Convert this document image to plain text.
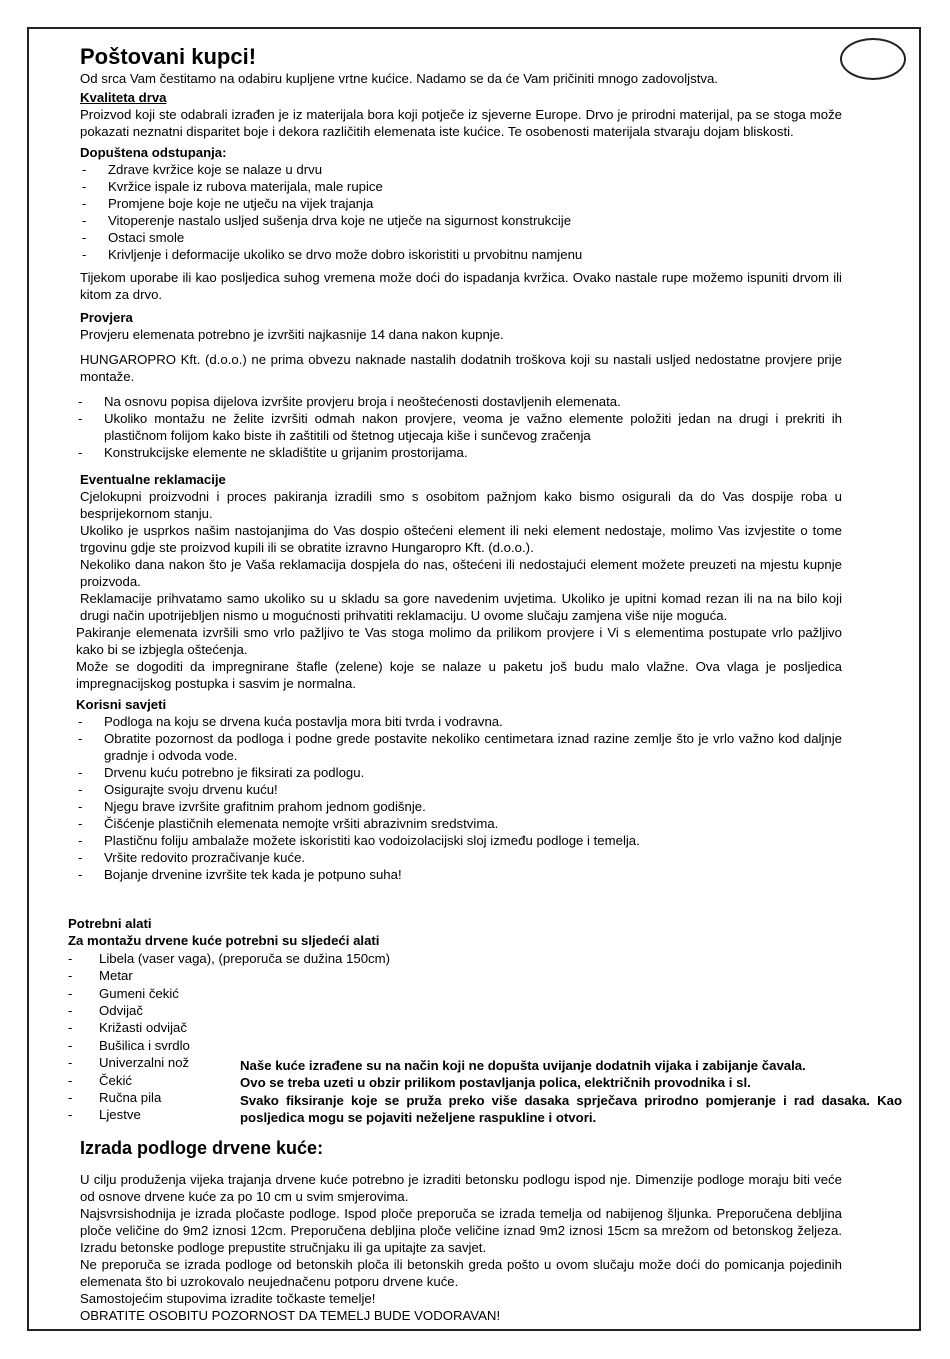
Poštovani kupci!

Od srca Vam čestitamo na odabiru kupljene vrtne kućice. Nadamo se da će Vam pričiniti mnogo zadovoljstva.

Kvaliteta drva

Proizvod koji ste odabrali izrađen je iz materijala bora koji potječe iz sjeverne Europe. Drvo je prirodni materijal, pa se stoga može pokazati neznatni disparitet boje i dekora različitih elemenata iste kućice. Te osobenosti materijala stvaraju dojam bliskosti.

Dopuštena odstupanja:

- Zdrave kvržice koje se nalaze u drvu
- Kvržice ispale iz rubova materijala, male rupice
- Promjene boje koje ne utječu na vijek trajanja
- Vitoperenje nastalo usljed sušenja drva koje ne utječe na sigurnost konstrukcije
- Ostaci smole
- Krivljenje i deformacije ukoliko se drvo može dobro iskoristiti u prvobitnu namjenu

Tijekom uporabe ili kao posljedica suhog vremena može doći do ispadanja kvržica. Ovako nastale rupe možemo ispuniti drvom ili kitom za drvo.

Provjera

Provjeru elemenata potrebno je izvršiti najkasnije 14 dana nakon kupnje.

HUNGAROPRO Kft. (d.o.o.) ne prima obvezu naknade nastalih dodatnih troškova koji su nastali usljed nedostatne provjere prije montaže.

- Na osnovu popisa dijelova izvršite provjeru broja i neoštećenosti dostavljenih elemenata.
- Ukoliko montažu ne želite izvršiti odmah nakon provjere, veoma je važno elemente položiti jedan na drugi i prekriti ih plastičnom folijom kako biste ih zaštitili od štetnog utjecaja kiše i sunčevog zračenja
- Konstrukcijske elemente ne skladištite u grijanim prostorijama.

Eventualne reklamacije

Cjelokupni proizvodni i proces pakiranja izradili smo s osobitom pažnjom kako bismo osigurali da do Vas dospije roba u besprijekornom stanju.

Ukoliko je usprkos našim nastojanjima do Vas dospio oštećeni element ili neki element nedostaje, molimo Vas izvjestite o tome trgovinu gdje ste proizvod kupili ili se obratite izravno Hungaropro Kft. (d.o.o.).

Nekoliko dana nakon što je Vaša reklamacija dospjela do nas, oštećeni ili nedostajući element možete preuzeti na mjestu kupnje proizvoda.

Reklamacije prihvatamo samo ukoliko su u skladu sa gore navedenim uvjetima. Ukoliko je upitni komad rezan ili na na bilo koji drugi način upotrijebljen nismo u mogućnosti prihvatiti reklamaciju. U ovome slučaju zamjena više nije moguća.

Pakiranje elemenata izvršili smo vrlo pažljivo te Vas stoga molimo da prilikom provjere i Vi s elementima postupate vrlo pažljivo kako bi se izbjegla oštećenja.

Može se dogoditi da impregnirane štafle (zelene) koje se nalaze u paketu još budu malo vlažne. Ova vlaga je posljedica impregnacijskog postupka i sasvim je normalna.

Korisni savjeti

- Podloga na koju se drvena kuća postavlja mora biti tvrda i vodravna.
- Obratite pozornost da podloga i podne grede postavite nekoliko centimetara iznad razine zemlje što je vrlo važno kod daljnje gradnje i odvoda vode.
- Drvenu kuću potrebno je fiksirati za podlogu.
- Osigurajte svoju drvenu kuću!
- Njegu brave izvršite grafitnim prahom jednom godišnje.
- Čišćenje plastičnih elemenata nemojte vršiti abrazivnim sredstvima.
- Plastičnu foliju ambalaže možete iskoristiti kao vodoizolacijski sloj između podloge i temelja.
- Vršite redovito prozračivanje kuće.
- Bojanje drvenine izvršite tek kada je potpuno suha!

Potrebni alati

Za montažu drvene kuće potrebni su sljedeći alati

- Libela (vaser vaga), (preporuča se dužina 150cm)
- Metar
- Gumeni čekić
- Odvijač
- Križasti odvijač
- Bušilica i svrdlo
- Univerzalni nož
- Čekić
- Ručna pila
- Ljestve

Naše kuće izrađene su na način koji ne dopušta uvijanje dodatnih vijaka i zabijanje čavala.

Ovo se treba uzeti u obzir prilikom postavljanja polica, električnih provodnika i sl.

Svako fiksiranje koje se pruža preko više dasaka sprječava prirodno pomjeranje i rad dasaka. Kao posljedica mogu se pojaviti neželjene raspukline i otvori.

Izrada podloge drvene kuće:

U cilju produženja vijeka trajanja drvene kuće potrebno je izraditi betonsku podlogu ispod nje. Dimenzije podloge moraju biti veće od osnove drvene kuće za po 10 cm u svim smjerovima.

Najsvrsishodnija je izrada pločaste podloge. Ispod ploče preporuča se izrada temelja od nabijenog šljunka. Preporučena debljina ploče veličine do 9m2 iznosi 12cm. Preporučena debljina ploče veličine iznad 9m2 iznosi 15cm sa mrežom od betonskog željeza. Izradu betonske podloge prepustite stručnjaku ili ga upitajte za savjet.

Ne preporuča se izrada podloge od betonskih ploča ili betonskih greda pošto u ovom slučaju može doći do pomicanja pojedinih elemenata što bi uzrokovalo neujednačenu potporu drvene kuće.

Samostojećim stupovima izradite točkaste temelje!

OBRATITE OSOBITU POZORNOST DA TEMELJ BUDE VODORAVAN!
